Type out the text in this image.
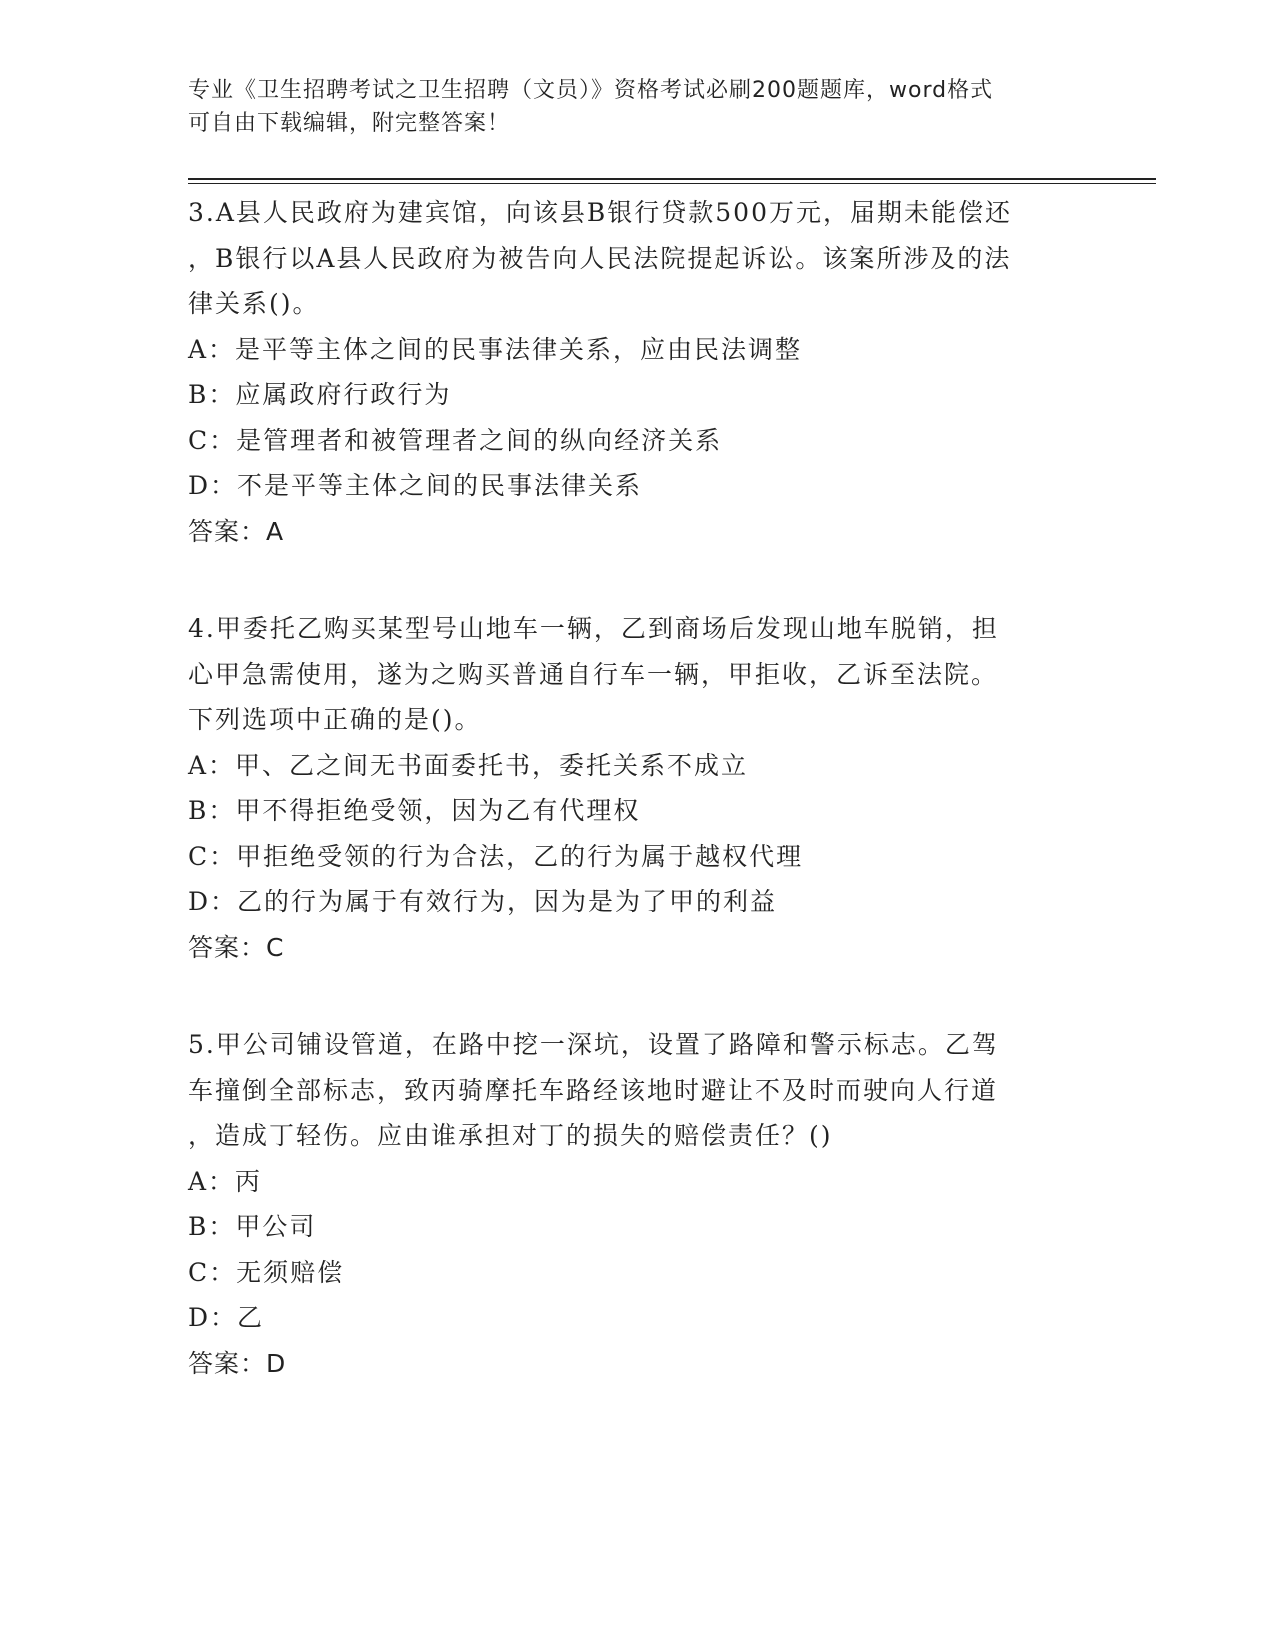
专业《卫生招聘考试之卫生招聘（文员）》资格考试必刷200题题库，word格式
可自由下载编辑，附完整答案！
3.A县人民政府为建宾馆，向该县B银行贷款500万元，届期未能偿还
，B银行以A县人民政府为被告向人民法院提起诉讼。该案所涉及的法
律关系()。
A：是平等主体之间的民事法律关系，应由民法调整
B：应属政府行政行为
C：是管理者和被管理者之间的纵向经济关系
D：不是平等主体之间的民事法律关系
答案：A
4.甲委托乙购买某型号山地车一辆，乙到商场后发现山地车脱销，担
心甲急需使用，遂为之购买普通自行车一辆，甲拒收，乙诉至法院。
下列选项中正确的是()。
A：甲、乙之间无书面委托书，委托关系不成立
B：甲不得拒绝受领，因为乙有代理权
C：甲拒绝受领的行为合法，乙的行为属于越权代理
D：乙的行为属于有效行为，因为是为了甲的利益
答案：C
5.甲公司铺设管道，在路中挖一深坑，设置了路障和警示标志。乙驾
车撞倒全部标志，致丙骑摩托车路经该地时避让不及时而驶向人行道
，造成丁轻伤。应由谁承担对丁的损失的赔偿责任？()
A：丙
B：甲公司
C：无须赔偿
D：乙
答案：D
